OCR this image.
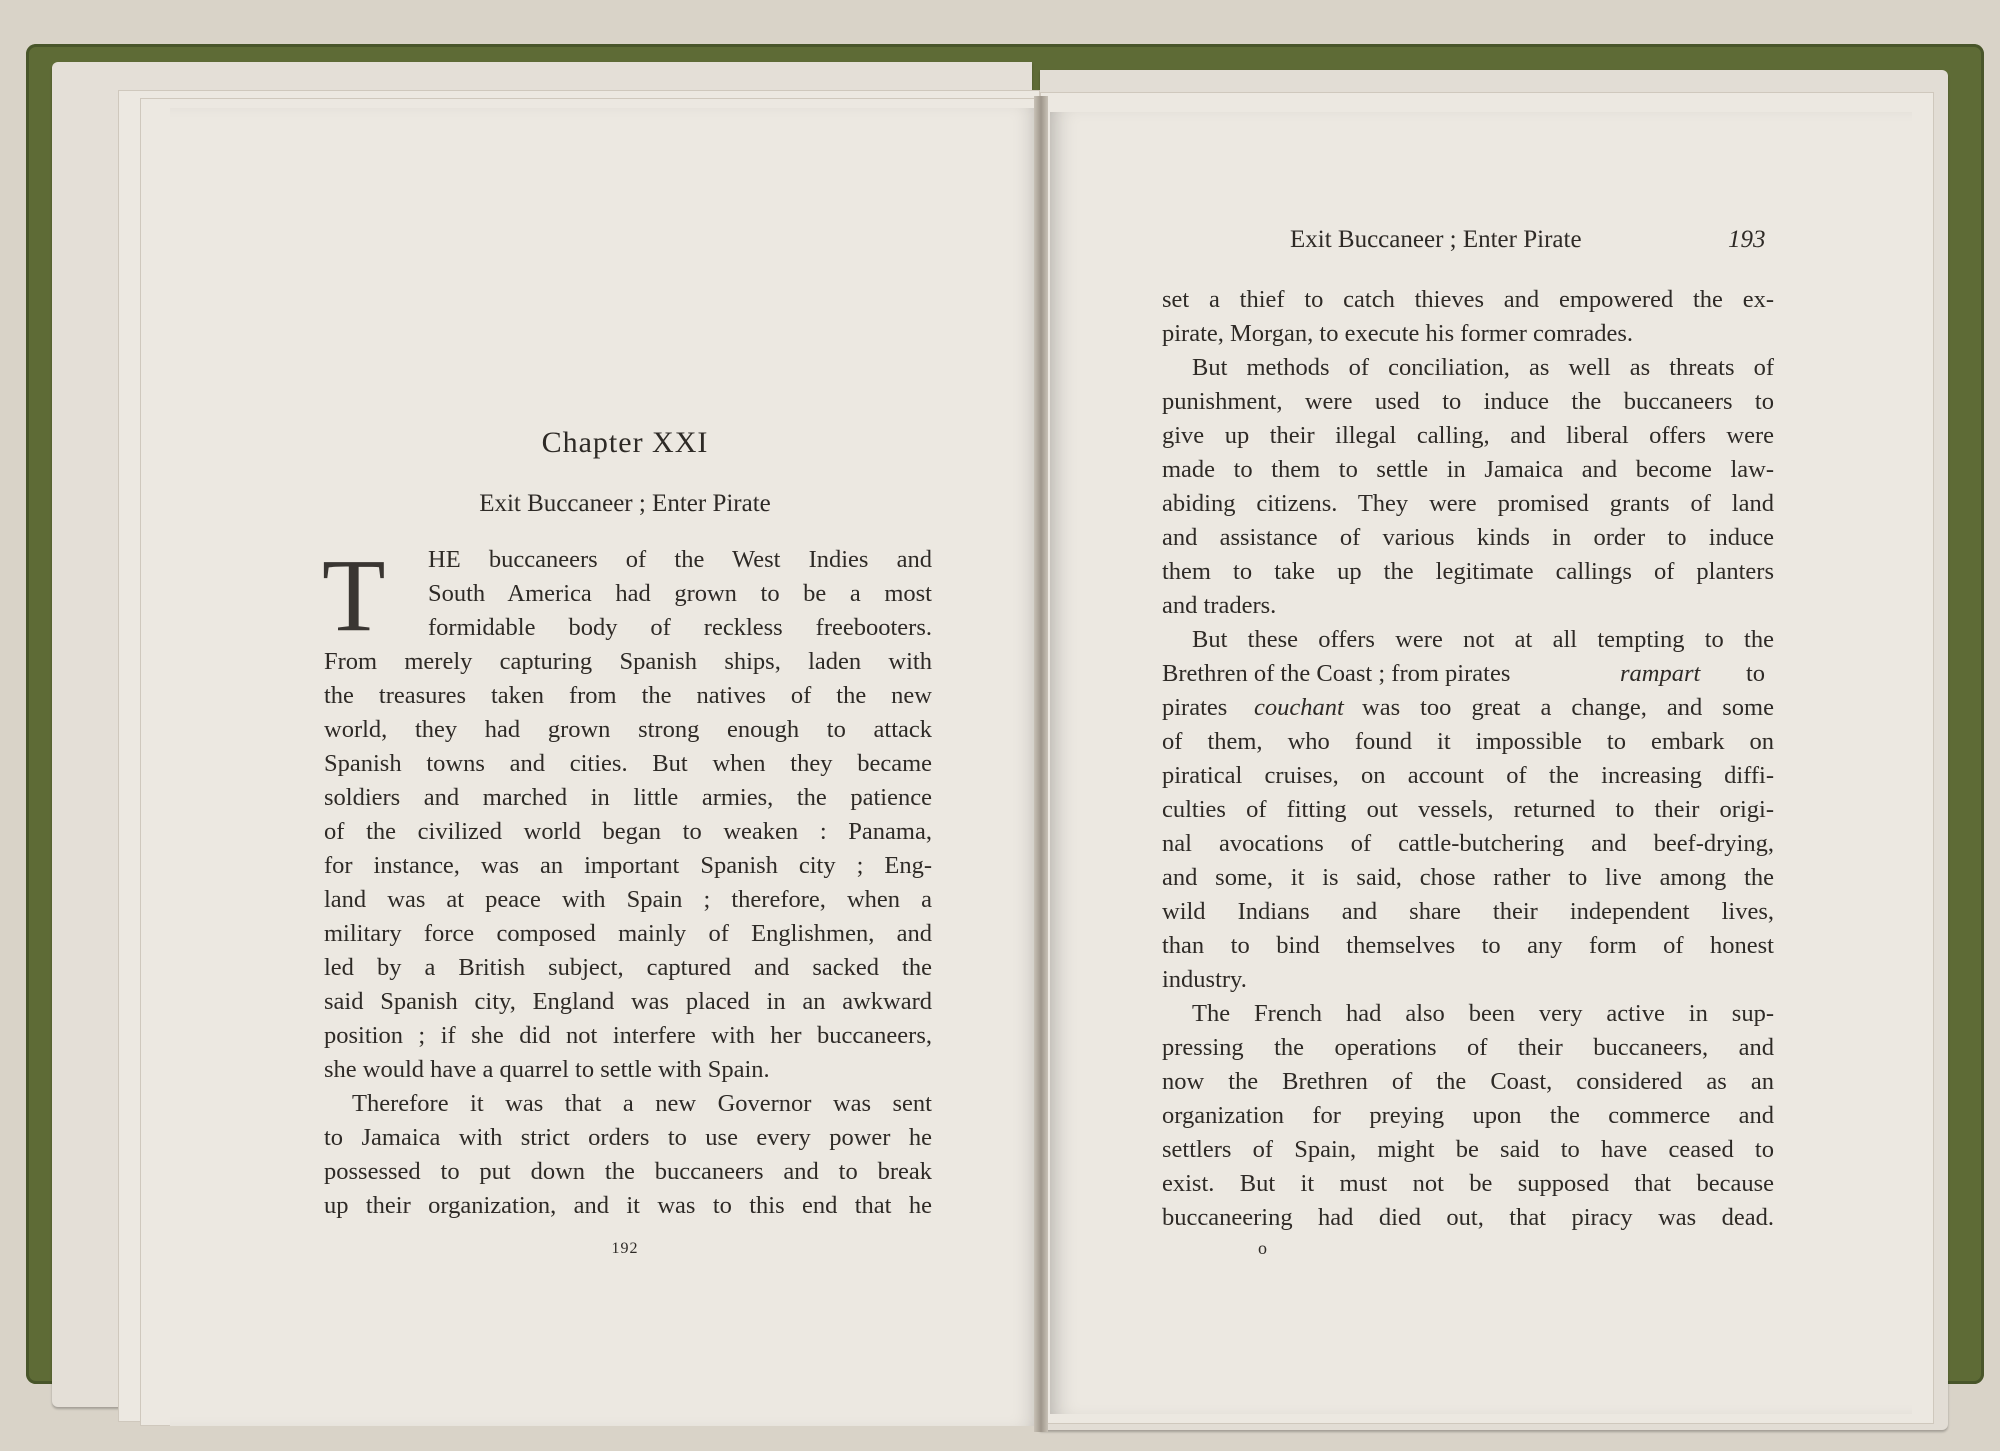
Chapter XXI
Exit Buccaneer ; Enter Pirate
T HE buccaneers of the West Indies and
South America had grown to be a most
formidable body of reckless freebooters.
From merely capturing Spanish ships, laden with
the treasures taken from the natives of the new
world, they had grown strong enough to attack
Spanish towns and cities. But when they became
soldiers and marched in little armies, the patience
of the civilized world began to weaken : Panama,
for instance, was an important Spanish city ; Eng-
land was at peace with Spain ; therefore, when a
military force composed mainly of Englishmen, and
led by a British subject, captured and sacked the
said Spanish city, England was placed in an awkward
position ; if she did not interfere with her buccaneers,
she would have a quarrel to settle with Spain.
Therefore it was that a new Governor was sent
to Jamaica with strict orders to use every power he
possessed to put down the buccaneers and to break
up their organization, and it was to this end that he
192
Exit Buccaneer ; Enter Pirate	193
set a thief to catch thieves and empowered the ex-
pirate, Morgan, to execute his former comrades.
But methods of conciliation, as well as threats of
punishment, were used to induce the buccaneers to
give up their illegal calling, and liberal offers were
made to them to settle in Jamaica and become law-
abiding citizens. They were promised grants of land
and assistance of various kinds in order to induce
them to take up the legitimate callings of planters
and traders.
But these offers were not at all tempting to the
Brethren of the Coast ; from pirates	rampart	to
pirates	couchant was too great a change, and some
of them, who found it impossible to embark on
piratical cruises, on account of the increasing diffi-
culties of fitting out vessels, returned to their origi-
nal avocations of cattle-butchering and beef-drying,
and some, it is said, chose rather to live among the
wild Indians and share their independent lives,
than to bind themselves to any form of honest
industry.
The French had also been very active in sup-
pressing the operations of their buccaneers, and
now the Brethren of the Coast, considered as an
organization for preying upon the commerce and
settlers of Spain, might be said to have ceased to
exist. But it must not be supposed that because
buccaneering had died out, that piracy was dead.
o
